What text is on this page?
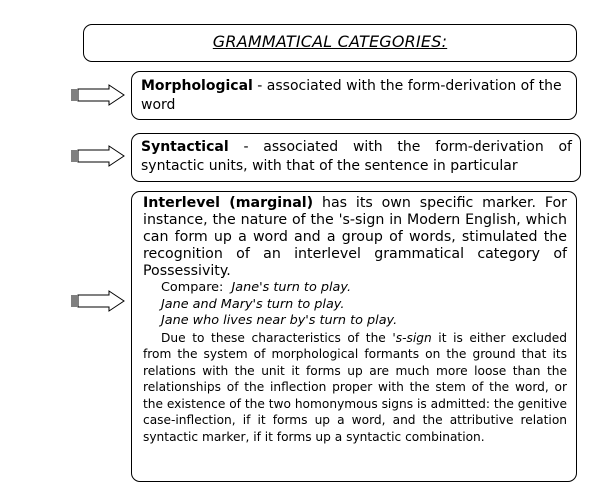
GRAMMATICAL CATEGORIES:
Morphological - associated with the form-derivation of the word
Syntactical - associated with the form-derivation of syntactic units, with that of the sentence in particular
Interlevel (marginal) has its own specific marker. For instance, the nature of the 's-sign in Modern English, which can form up a word and a group of words, stimulated the recognition of an interlevel grammatical category of Possessivity.
Compare: Jane's turn to play.
Jane and Mary's turn to play.
Jane who lives near by's turn to play.
Due to these characteristics of the 's-sign it is either excluded from the system of morphological formants on the ground that its relations with the unit it forms up are much more loose than the relationships of the inflection proper with the stem of the word, or the existence of the two homonymous signs is admitted: the genitive case-inflection, if it forms up a word, and the attributive relation syntactic marker, if it forms up a syntactic combination.
